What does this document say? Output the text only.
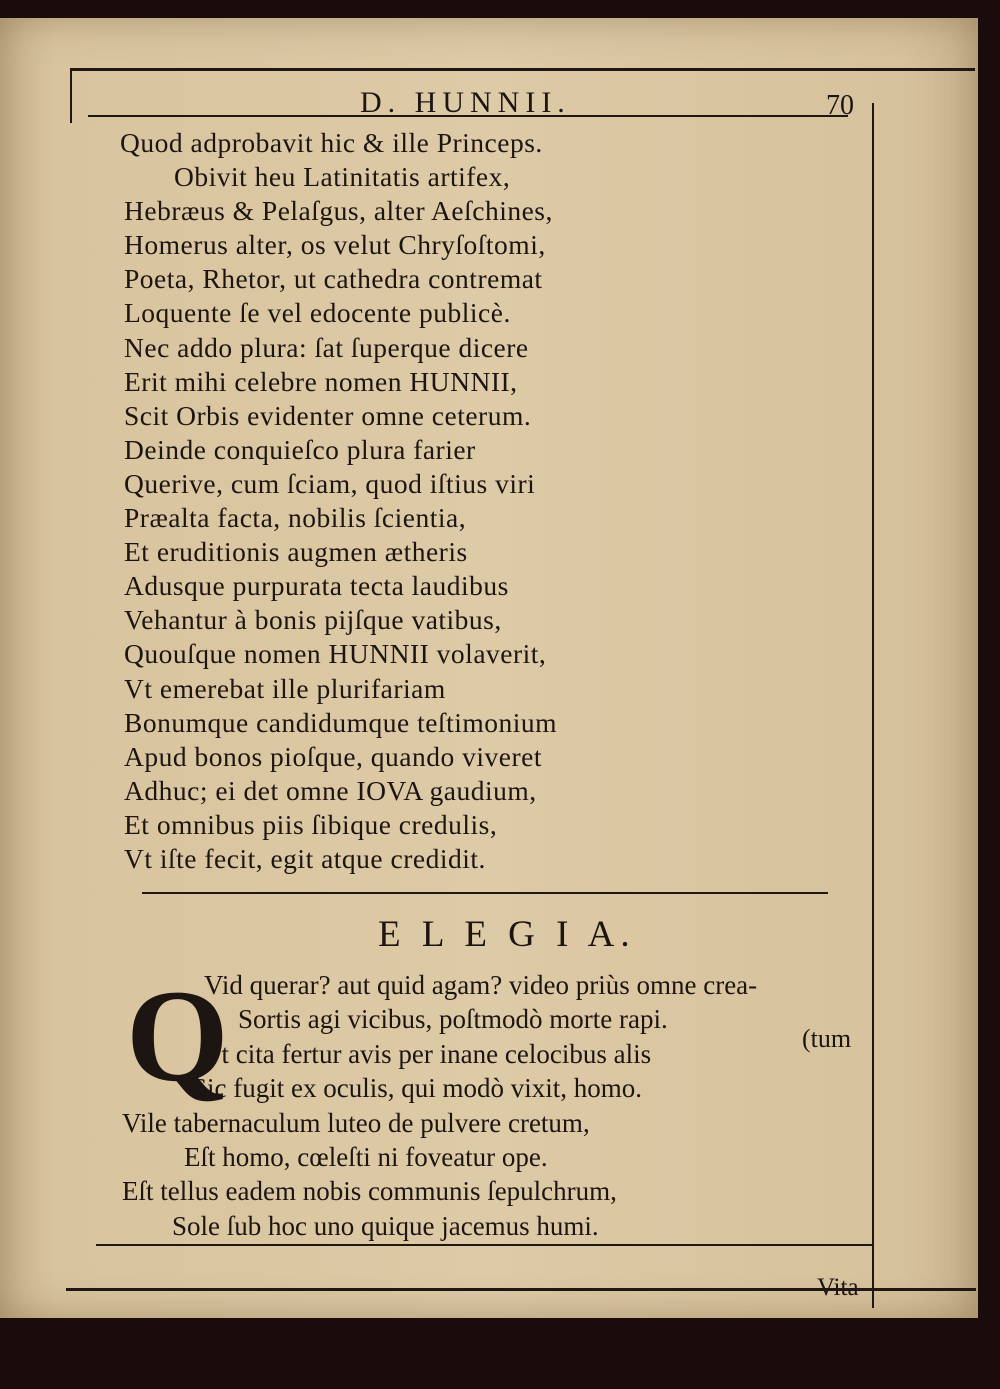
D. HUNNII.	70
Quod adprobavit hic & ille Princeps.
Obivit heu Latinitatis artifex,
Hebræus & Pelaſgus, alter Aeſchines,
Homerus alter, os velut Chryſoſtomi,
Poeta, Rhetor, ut cathedra contremat
Loquente ſe vel edocente publicè.
Nec addo plura: ſat ſuperque dicere
Erit mihi celebre nomen HUNNII,
Scit Orbis evidenter omne ceterum.
Deinde conquieſco plura farier
Querive, cum ſciam, quod iſtius viri
Præalta facta, nobilis ſcientia,
Et eruditionis augmen ætheris
Adusque purpurata tecta laudibus
Vehantur à bonis pijſque vatibus,
Quouſque nomen HUNNII volaverit,
Vt emerebat ille plurifariam
Bonumque candidumque teſtimonium
Apud bonos pioſque, quando viveret
Adhuc; ei det omne IOVA gaudium,
Et omnibus piis ſibique credulis,
Vt iſte fecit, egit atque credidit.
E L E G I A.
Q
Vid querar? aut quid agam? video priùs omne crea-
Sortis agi vicibus, poſtmodò morte rapi.
Vt cita fertur avis per inane celocibus alis
Sic fugit ex oculis, qui modò vixit, homo.
Vile tabernaculum luteo de pulvere cretum,
Eſt homo, cœleſti ni foveatur ope.
Eſt tellus eadem nobis communis ſepulchrum,
Sole ſub hoc uno quique jacemus humi.
(tum
Vita
